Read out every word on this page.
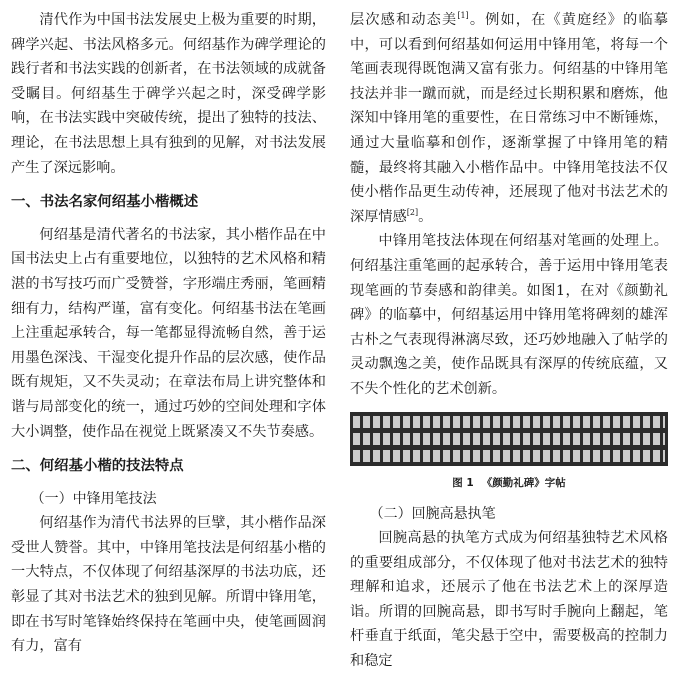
清代作为中国书法发展史上极为重要的时期，碑学兴起、书法风格多元。何绍基作为碑学理论的践行者和书法实践的创新者，在书法领域的成就备受瞩目。何绍基生于碑学兴起之时，深受碑学影响，在书法实践中突破传统，提出了独特的技法、理论，在书法思想上具有独到的见解，对书法发展产生了深远影响。

一、书法名家何绍基小楷概述

何绍基是清代著名的书法家，其小楷作品在中国书法史上占有重要地位，以独特的艺术风格和精湛的书写技巧而广受赞誉，字形端庄秀丽，笔画精细有力，结构严谨，富有变化。何绍基书法在笔画上注重起承转合，每一笔都显得流畅自然，善于运用墨色深浅、干湿变化提升作品的层次感，使作品既有规矩，又不失灵动；在章法布局上讲究整体和谐与局部变化的统一，通过巧妙的空间处理和字体大小调整，使作品在视觉上既紧凑又不失节奏感。

二、何绍基小楷的技法特点
（一）中锋用笔技法

何绍基作为清代书法界的巨擘，其小楷作品深受世人赞誉。其中，中锋用笔技法是何绍基小楷的一大特点，不仅体现了何绍基深厚的书法功底，还彰显了其对书法艺术的独到见解。所谓中锋用笔，即在书写时笔锋始终保持在笔画中央，使笔画圆润有力，富有

层次感和动态美[1]。例如，在《黄庭经》的临摹中，可以看到何绍基如何运用中锋用笔，将每一个笔画表现得既饱满又富有张力。何绍基的中锋用笔技法并非一蹴而就，而是经过长期积累和磨炼，他深知中锋用笔的重要性，在日常练习中不断锤炼，通过大量临摹和创作，逐渐掌握了中锋用笔的精髓，最终将其融入小楷作品中。中锋用笔技法不仅使小楷作品更生动传神，还展现了他对书法艺术的深厚情感[2]。

中锋用笔技法体现在何绍基对笔画的处理上。何绍基注重笔画的起承转合，善于运用中锋用笔表现笔画的节奏感和韵律美。如图1，在对《颜勤礼碑》的临摹中，何绍基运用中锋用笔将碑刻的雄浑古朴之气表现得淋漓尽致，还巧妙地融入了帖学的灵动飘逸之美，使作品既具有深厚的传统底蕴，又不失个性化的艺术创新。

图 1 《颜勤礼碑》字帖
（二）回腕高悬执笔

回腕高悬的执笔方式成为何绍基独特艺术风格的重要组成部分，不仅体现了他对书法艺术的独特理解和追求，还展示了他在书法艺术上的深厚造诣。所谓的回腕高悬，即书写时手腕向上翻起，笔杆垂直于纸面，笔尖悬于空中，需要极高的控制力和稳定
